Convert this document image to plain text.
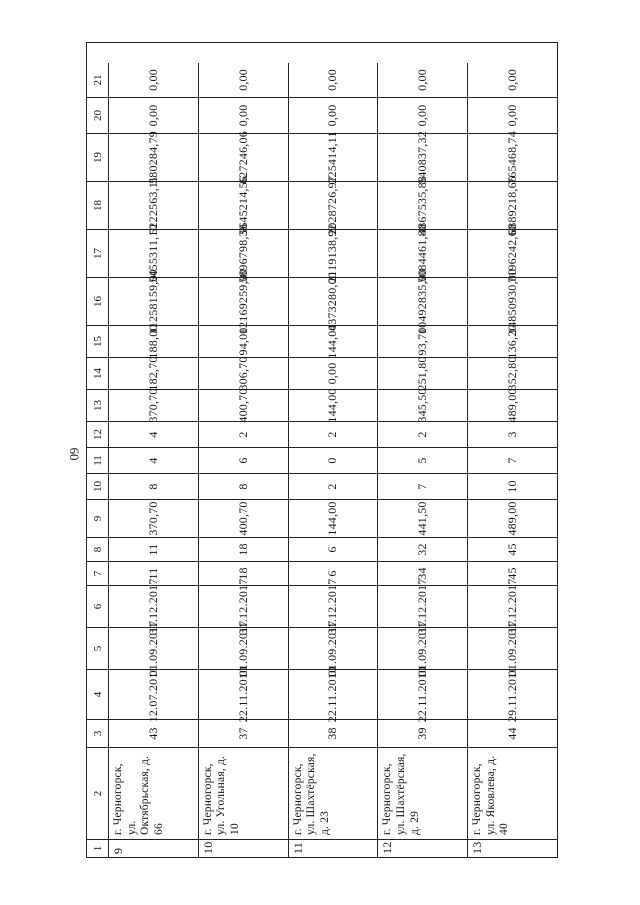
60
1 9	10	11	12	13
2 г. Черногорск, ул. Октябрьская, д. 66	г. Черногорск, ул. Угольная, д. 10	г. Черногорск, ул. Шахтёрская, д. 23	г. Черногорск, ул. Шахтёрская, д. 29	г. Черногорск, ул. Яковлева, д. 40
3	43	37	38	39	44
4	12.07.2011	22.11.2010	22.11.2010	22.11.2010	29.11.2011
5	01.09.2017	01.09.2017	01.09.2017	01.09.2017	01.09.2017
6	31.12.2017	31.12.2017	31.12.2017	31.12.2017	31.12.2017
7	11	18	6	34	45
8	11	18	6	32	45
9	370,70	400,70	144,00	441,50	489,00
10	8	8	2	7	10
11	4	6	0	5	7
12	4	2	2	2	3
13	370,70	400,70	144,00	345,50	489,00
14	182,70	306,70	0,00	251,80	352,80
15	188,00	94,00	144,00	93,70	136,20
16	11258159,00	12169259,00	4373280,00	10492835,00	14850930,00
17	5455311,10	5896798,38	2119138,92	5084461,80	7196242,60
18	5222563,11	5645214,56	2028726,97	4867535,88	6889218,66
19	580284,79	627246,06	225414,11	540837,32	765468,74
20	0,00	0,00	0,00	0,00	0,00
21	0,00	0,00	0,00	0,00	0,00
